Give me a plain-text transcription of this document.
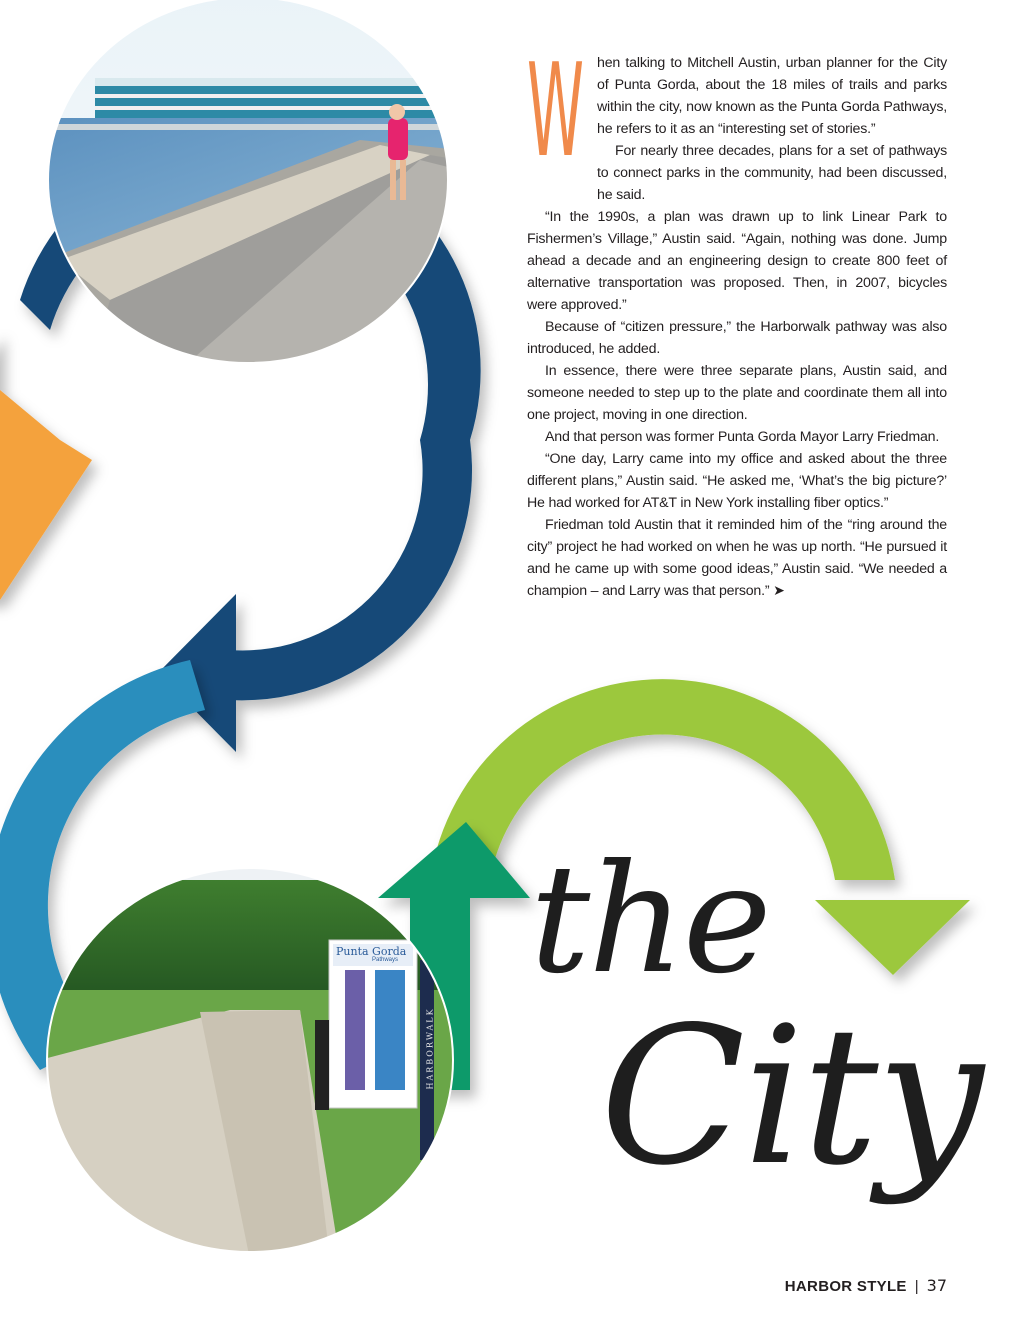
Punta Gorda
Pathways
HARBORWALK
W hen talking to Mitchell Austin, urban planner for the City of Punta Gorda, about the 18 miles of trails and parks within the city, now known as the Punta Gorda Pathways, he refers to it as an “interesting set of stories.”

For nearly three decades, plans for a set of pathways to connect parks in the community, had been discussed, he said.

“In the 1990s, a plan was drawn up to link Linear Park to Fishermen’s Village,” Austin said. “Again, nothing was done. Jump ahead a decade and an engineering design to create 800 feet of alternative transportation was proposed. Then, in 2007, bicycles were approved.”

Because of “citizen pressure,” the Harborwalk pathway was also introduced, he added.

In essence, there were three separate plans, Austin said, and someone needed to step up to the plate and coordinate them all into one project, moving in one direction.

And that person was former Punta Gorda Mayor Larry Friedman.

“One day, Larry came into my office and asked about the three different plans,” Austin said. “He asked me, ‘What’s the big picture?’ He had worked for AT&T in New York installing fiber optics.”

Friedman told Austin that it reminded him of the “ring around the city” project he had worked on when he was up north. “He pursued it and he came up with some good ideas,” Austin said. “We needed a champion – and Larry was that person.” ➤

the
City
HARBOR STYLE | 37
